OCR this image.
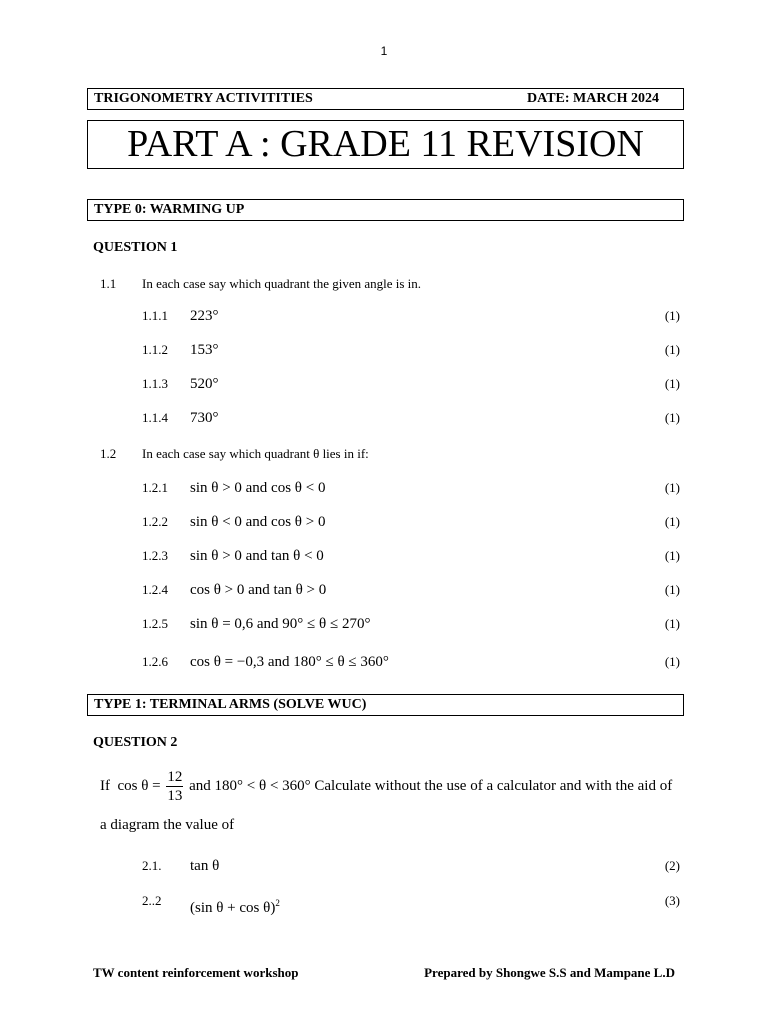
1
TRIGONOMETRY ACTIVITITIES	DATE: MARCH 2024
PART A : GRADE 11 REVISION
TYPE 0: WARMING UP
QUESTION 1
1.1 In each case say which quadrant the given angle is in.
1.1.1 223°	(1)
1.1.2 153°	(1)
1.1.3 520°	(1)
1.1.4 730°	(1)
1.2 In each case say which quadrant θ lies in if:
1.2.1 sin θ > 0 and cos θ < 0	(1)
1.2.2 sin θ < 0 and cos θ > 0	(1)
1.2.3 sin θ > 0 and tan θ < 0	(1)
1.2.4 cos θ > 0 and tan θ > 0	(1)
1.2.5 sin θ = 0,6 and 90° ≤ θ ≤ 270°	(1)
1.2.6 cos θ = −0,3 and 180° ≤ θ ≤ 360°	(1)
TYPE 1: TERMINAL ARMS (SOLVE WUC)
QUESTION 2
If $\cos \theta = \frac{12}{13}$ and 180° < θ < 360° Calculate without the use of a calculator and with the aid of
a diagram the value of
2.1. tan θ	(2)
2..2 (sin θ + cos θ)$^2$	(3)
TW content reinforcement workshop	Prepared by Shongwe S.S and Mampane L.D
